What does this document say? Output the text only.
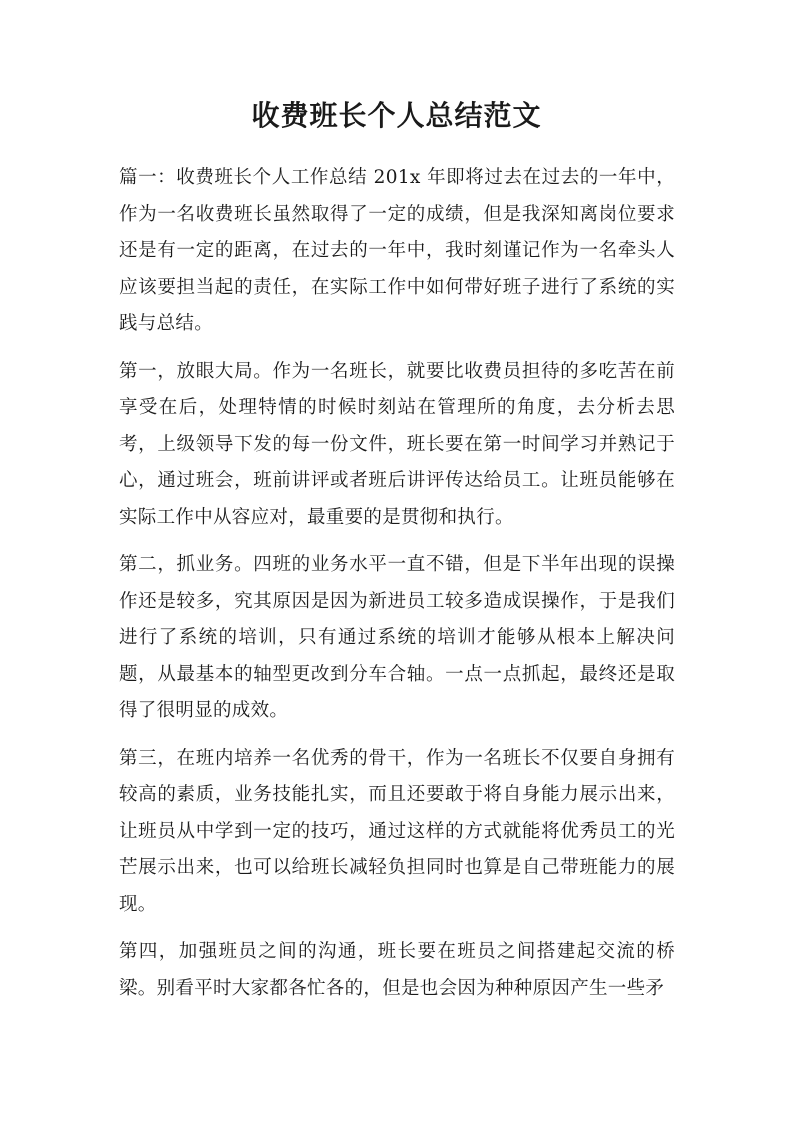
收费班长个人总结范文

篇一：收费班长个人工作总结 201x 年即将过去在过去的一年中，作为一名收费班长虽然取得了一定的成绩，但是我深知离岗位要求还是有一定的距离，在过去的一年中，我时刻谨记作为一名牵头人应该要担当起的责任，在实际工作中如何带好班子进行了系统的实践与总结。

第一，放眼大局。作为一名班长，就要比收费员担待的多吃苦在前享受在后，处理特情的时候时刻站在管理所的角度，去分析去思考，上级领导下发的每一份文件，班长要在第一时间学习并熟记于心，通过班会，班前讲评或者班后讲评传达给员工。让班员能够在实际工作中从容应对，最重要的是贯彻和执行。

第二，抓业务。四班的业务水平一直不错，但是下半年出现的误操作还是较多，究其原因是因为新进员工较多造成误操作，于是我们进行了系统的培训，只有通过系统的培训才能够从根本上解决问题，从最基本的轴型更改到分车合轴。一点一点抓起，最终还是取得了很明显的成效。

第三，在班内培养一名优秀的骨干，作为一名班长不仅要自身拥有较高的素质，业务技能扎实，而且还要敢于将自身能力展示出来，让班员从中学到一定的技巧，通过这样的方式就能将优秀员工的光芒展示出来，也可以给班长减轻负担同时也算是自己带班能力的展现。

第四，加强班员之间的沟通，班长要在班员之间搭建起交流的桥梁。别看平时大家都各忙各的，但是也会因为种种原因产生一些矛
